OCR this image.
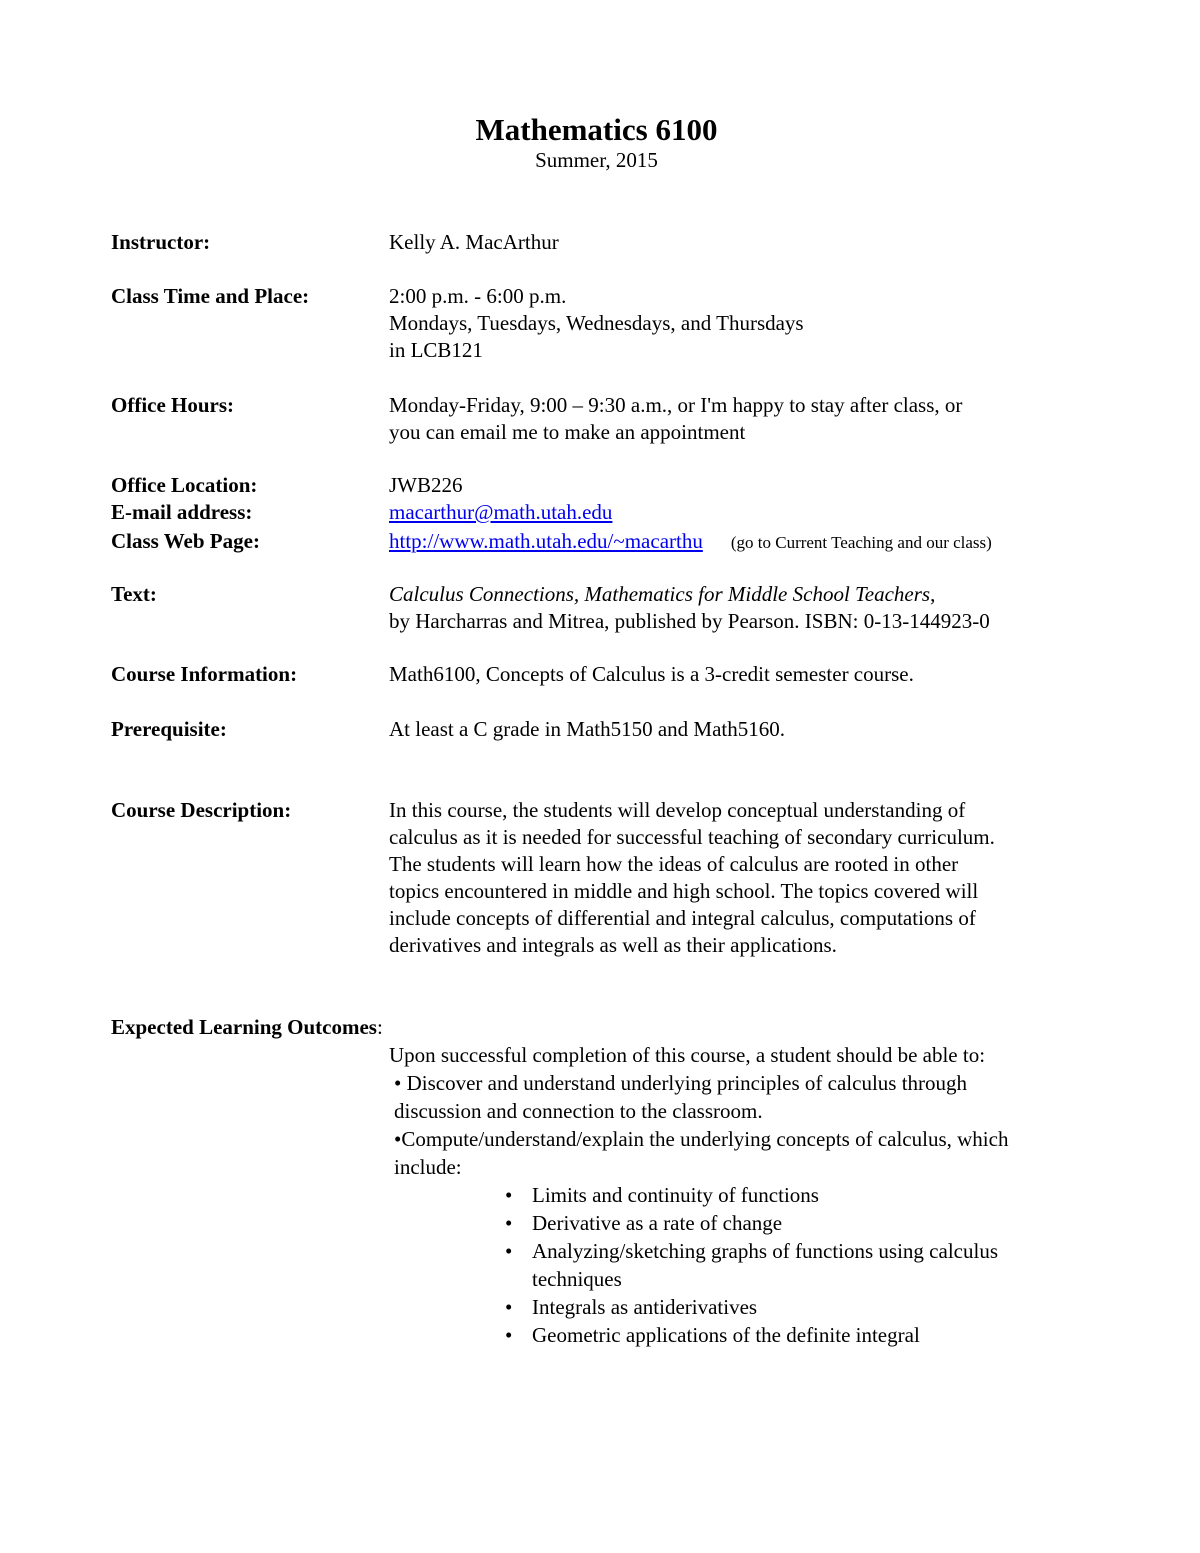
Mathematics 6100
Summer, 2015
Instructor:	Kelly A. MacArthur
Class Time and Place:	2:00 p.m. - 6:00 p.m.
Mondays, Tuesdays, Wednesdays, and Thursdays
in LCB121
Office Hours:	Monday-Friday, 9:00 – 9:30 a.m., or I'm happy to stay after class, or
you can email me to make an appointment
Office Location:	JWB226
E-mail address:	macarthur@math.utah.edu
Class Web Page:	http://www.math.utah.edu/~macarthu (go to Current Teaching and our class)
Text:	Calculus Connections, Mathematics for Middle School Teachers,
by Harcharras and Mitrea, published by Pearson. ISBN: 0-13-144923-0
Course Information:	Math6100, Concepts of Calculus is a 3-credit semester course.
Prerequisite:	At least a C grade in Math5150 and Math5160.
Course Description:	In this course, the students will develop conceptual understanding of
calculus as it is needed for successful teaching of secondary curriculum.
The students will learn how the ideas of calculus are rooted in other
topics encountered in middle and high school. The topics covered will
include concepts of differential and integral calculus, computations of
derivatives and integrals as well as their applications.
Expected Learning Outcomes:
Upon successful completion of this course, a student should be able to:
• Discover and understand underlying principles of calculus through
discussion and connection to the classroom.
•Compute/understand/explain the underlying concepts of calculus, which
include:
• Limits and continuity of functions
• Derivative as a rate of change
• Analyzing/sketching graphs of functions using calculus techniques
• Integrals as antiderivatives
• Geometric applications of the definite integral
